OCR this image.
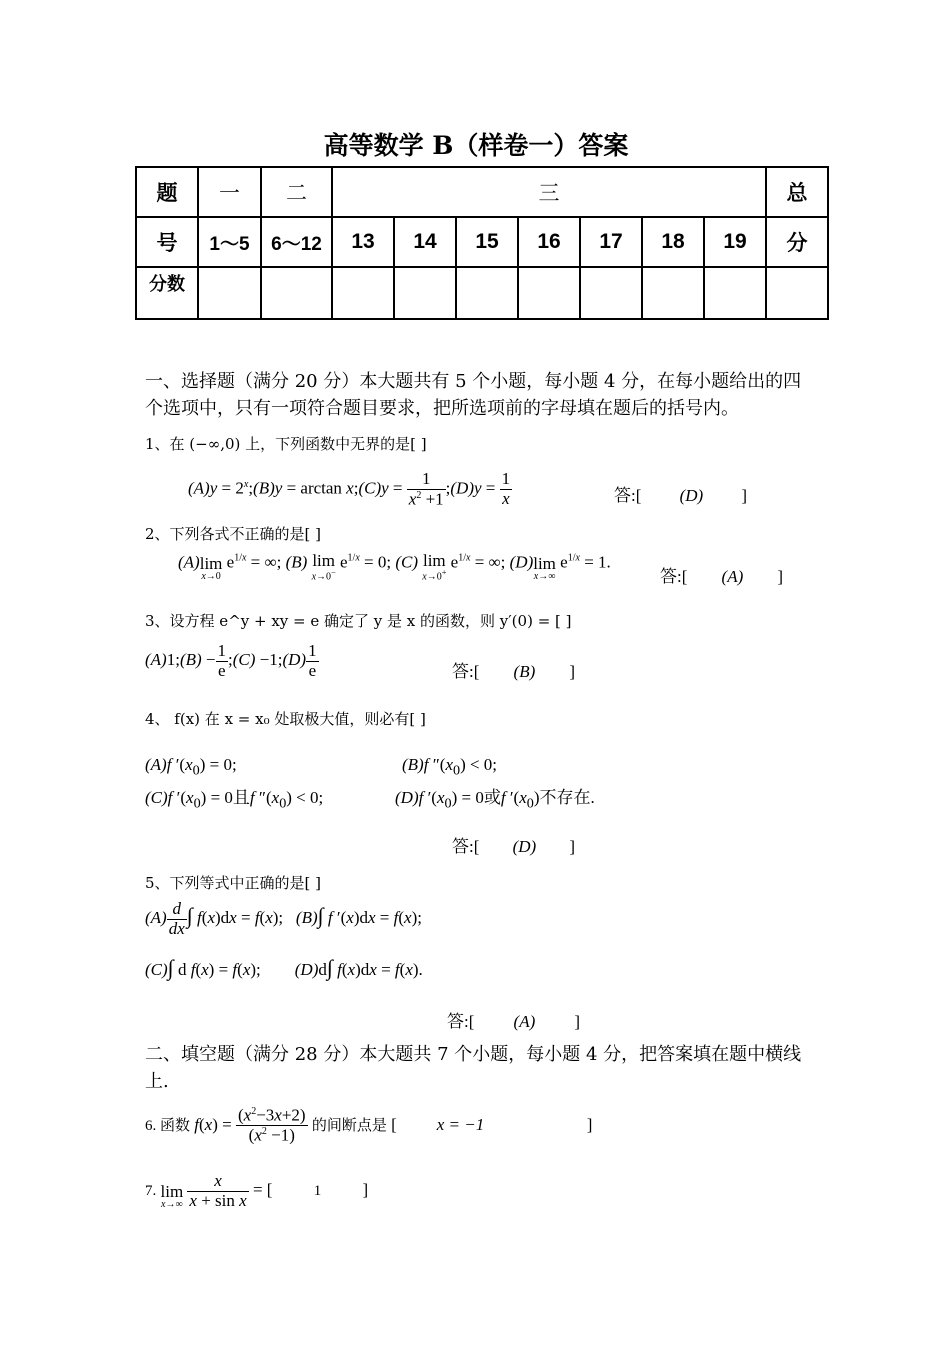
高等数学 B（样卷一）答案
题	一	二	三							总
号	1～5	6～12	13	14	15	16	17	18	19	分
分数										
一、选择题（满分 20 分）本大题共有 5 个小题，每小题 4 分，在每小题给出的四个选项中，只有一项符合题目要求，把所选项前的字母填在题后的括号内。
1、在 (−∞,0) 上，下列函数中无界的是[ ]
$(A)y = 2^x;(B)y = \arctan$ x;(C)y = $\frac{1}{x^2 +1}$ ;(D)y = $\frac{1}{x}$	答:[ (D) ]
2、下列各式不正确的是[ ]
(A)lim
x→0
$e^{1/x}$ = ∞; (B) lim
x→0−
$e^{1/x} = 0$; (C) lim
x→0+
$e^{1/x}$ = ∞; (D)lim
x→∞
$e^{1/x} = 1$.
答:[ (A) ]
3、设方程 e^y + xy = e 确定了 y 是 x 的函数，则 y′(0) = [ ]
(A)1;(B) − $\frac{1}{e}$ ;(C) −1;(D) $\frac{1}{e}$	答:[ (B) ]
4、 f(x) 在 x = x₀ 处取极大值，则必有[ ]
(A)f $'(x_0) = 0$;	(B)f $''(x_0) < 0$;
(C)f $'(x_0) = 0$且f $''(x_0) < 0$;	(D)f $'(x_0) = 0$或f $'(x_0)$不存在.
答:[ (D) ]
5、下列等式中正确的是[ ]
$(A) \frac{d}{dx}$ ∫ f(x)dx = f(x);   (B)∫ f ′(x)dx = f(x);
(C)∫ d f(x) = f(x);        (D)d∫ f(x)dx = f(x).
答:[ (A) ]
二、填空题（满分 28 分）本大题共 7 个小题，每小题 4 分，把答案填在题中横线上.
6. 函数 $f(x) = \frac{(x^2-3x+2)}{(x^2 -1)}$ 的间断点是 [ x = −1	]
7. lim
x→∞
$\frac{x}{\text{x + sin x}}$ = [	1 ]
